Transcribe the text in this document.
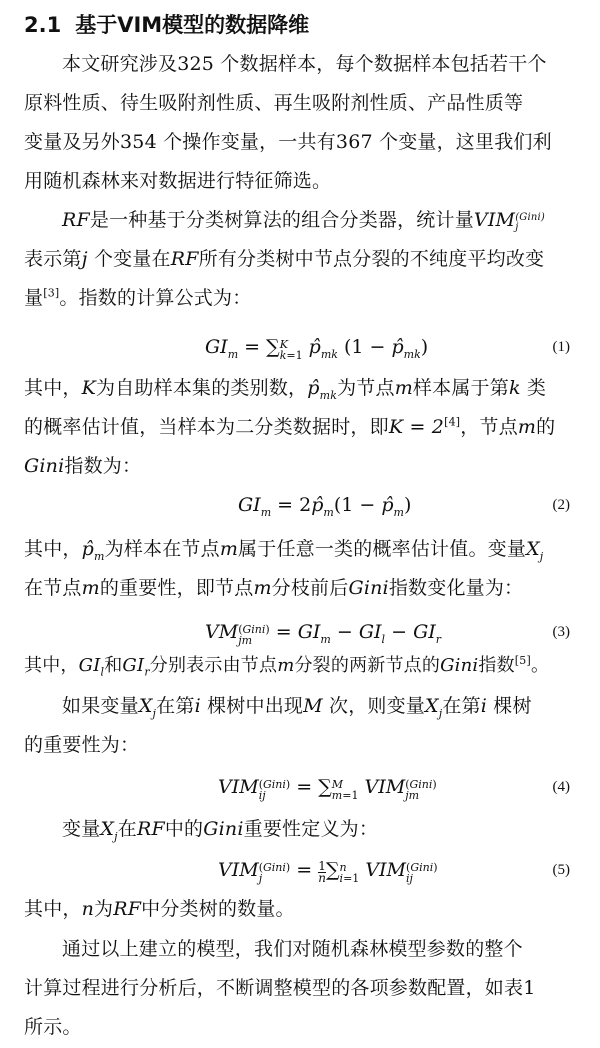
2.1 基于VIM模型的数据降维
本文研究涉及325 个数据样本，每个数据样本包括若干个
原料性质、待生吸附剂性质、再生吸附剂性质、产品性质等
变量及另外354 个操作变量，一共有367 个变量，这里我们利
用随机森林来对数据进行特征筛选。
RF是一种基于分类树算法的组合分类器，统计量VIM (Gini)
j
表示第j 个变量在RF所有分类树中节点分裂的不纯度平均改变
量[3]。指数的计算公式为：
$GI_m$ = ∑ K
k=1 $p̂_{mk}$ $(1 - p̂_{mk})$	(1)
其中，K为自助样本集的类别数，$p̂_{mk}$为节点m样本属于第k 类
的概率估计值，当样本为二分类数据时，即K = 2[4]，节点m的
Gini指数为：
$GI_m$ = $2p̂_m(1$ − $p̂_m$)	(2)
其中，$p̂_m$为样本在节点m属于任意一类的概率估计值。变量$X_j$
在节点m的重要性，即节点m分枝前后Gini指数变化量为：
VM (Gini)
jm	= $GI_m - GI_l - GI_r$	(3)
其中，$GI_l$和$GI_r$分别表示由节点m分裂的两新节点的Gini指数[5]。
如果变量$X_j$在第i 棵树中出现M 次，则变量$X_j$在第i 棵树
的重要性为：
VIM (Gini)
ij	= ∑ M
m=1 VIM (Gini)
jm
(4)
变量$X_j$在RF中的Gini重要性定义为：
VIM (Gini)
j	= $\frac{1}{n}$ ∑ n
i=1 VIM (Gini)
ij
(5)
其中，n为RF中分类树的数量。
通过以上建立的模型，我们对随机森林模型参数的整个
计算过程进行分析后，不断调整模型的各项参数配置，如表1
所示。
